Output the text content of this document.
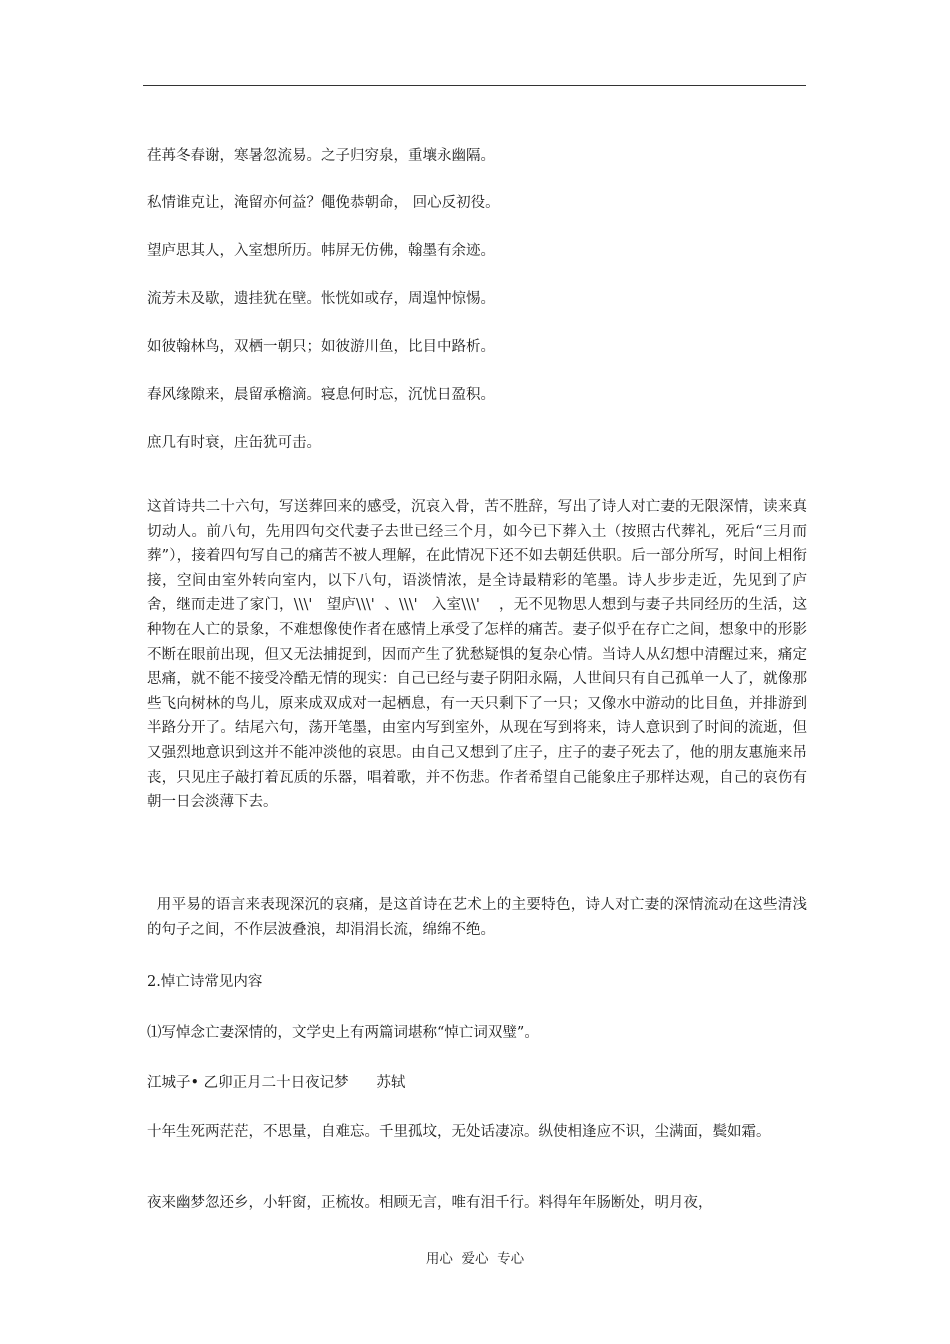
荏苒冬春谢，寒暑忽流易。之子归穷泉，重壤永幽隔。
私情谁克让，淹留亦何益？僶俛恭朝命， 回心反初役。
望庐思其人，入室想所历。帏屏无仿佛，翰墨有余迹。
流芳未及歇，遗挂犹在壁。怅恍如或存，周遑忡惊惕。
如彼翰林鸟，双栖一朝只；如彼游川鱼，比目中路析。
春风缘隙来，晨留承檐滴。寝息何时忘，沉忧日盈积。
庶几有时衰，庄缶犹可击。
这首诗共二十六句，写送葬回来的感受，沉哀入骨，苦不胜辞，写出了诗人对亡妻的无限深情，读来真切动人。前八句，先用四句交代妻子去世已经三个月，如今已下葬入土（按照古代葬礼，死后“三月而葬”），接着四句写自己的痛苦不被人理解，在此情况下还不如去朝廷供职。后一部分所写，时间上相衔接，空间由室外转向室内，以下八句，语淡情浓，是全诗最精彩的笔墨。诗人步步走近，先见到了庐舍，继而走进了家门，\\\'   望庐\\\'  、\\\'   入室\\\'    ，无不见物思人想到与妻子共同经历的生活，这种物在人亡的景象，不难想像使作者在感情上承受了怎样的痛苦。妻子似乎在存亡之间，想象中的形影不断在眼前出现，但又无法捕捉到，因而产生了犹愁疑惧的复杂心情。当诗人从幻想中清醒过来，痛定思痛，就不能不接受冷酷无情的现实：自己已经与妻子阴阳永隔，人世间只有自己孤单一人了，就像那些飞向树林的鸟儿，原来成双成对一起栖息，有一天只剩下了一只；又像水中游动的比目鱼，并排游到半路分开了。结尾六句，荡开笔墨，由室内写到室外，从现在写到将来，诗人意识到了时间的流逝，但又强烈地意识到这并不能冲淡他的哀思。由自己又想到了庄子，庄子的妻子死去了，他的朋友惠施来吊丧，只见庄子敲打着瓦质的乐器，唱着歌，并不伤悲。作者希望自己能象庄子那样达观，自己的哀伤有朝一日会淡薄下去。
用平易的语言来表现深沉的哀痛，是这首诗在艺术上的主要特色，诗人对亡妻的深情流动在这些清浅的句子之间，不作层波叠浪，却涓涓长流，绵绵不绝。
2.悼亡诗常见内容
⑴写悼念亡妻深情的，文学史上有两篇词堪称“悼亡词双璧”。
江城子• 乙卯正月二十日夜记梦      苏轼
十年生死两茫茫，不思量，自难忘。千里孤坟，无处话凄凉。纵使相逢应不识，尘满面，鬓如霜。
夜来幽梦忽还乡，小轩窗，正梳妆。相顾无言，唯有泪千行。料得年年肠断处，明月夜，
用心  爱心  专心
